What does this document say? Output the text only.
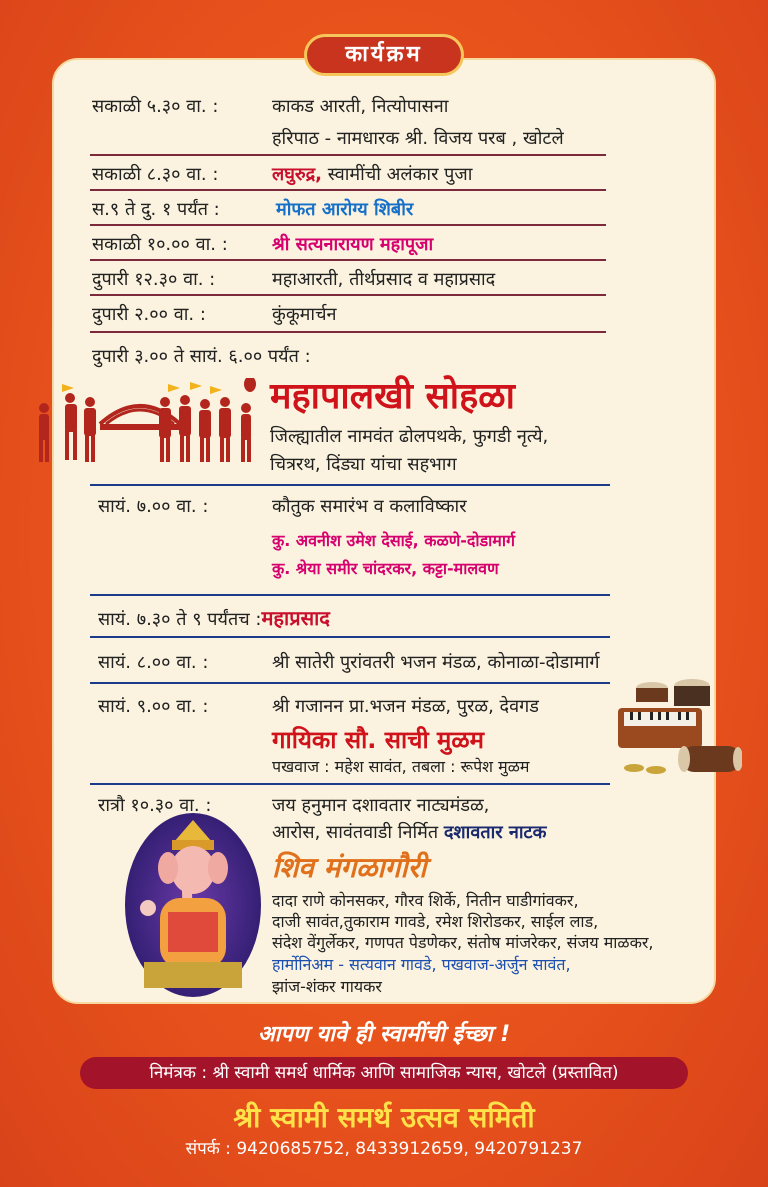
कार्यक्रम
सकाळी ५.३० वा. :	काकड आरती, नित्योपासना
हरिपाठ - नामधारक श्री. विजय परब , खोटले
सकाळी ८.३० वा. :	लघुरुद्र, स्वामींची अलंकार पुजा
स.९ ते दु. १ पर्यंत :	मोफत आरोग्य शिबीर
सकाळी १०.०० वा. : श्री सत्यनारायण महापूजा
दुपारी १२.३० वा. :	महाआरती, तीर्थप्रसाद व महाप्रसाद
दुपारी २.०० वा. :	कुंकूमार्चन
दुपारी ३.०० ते सायं. ६.०० पर्यंत :
महापालखी सोहळा
जिल्ह्यातील नामवंत ढोलपथके, फुगडी नृत्ये,
चित्ररथ, दिंड्या यांचा सहभाग
सायं. ७.०० वा. :	कौतुक समारंभ व कलाविष्कार
कु. अवनीश उमेश देसाई, कळणे-दोडामार्ग
कु. श्रेया समीर चांदरकर, कट्टा-मालवण
सायं. ७.३० ते ९ पर्यंतच :महाप्रसाद
सायं. ८.०० वा. :	श्री सातेरी पुरांवतरी भजन मंडळ, कोनाळा-दोडामार्ग
सायं. ९.०० वा. :	श्री गजानन प्रा.भजन मंडळ, पुरळ, देवगड
गायिका सौ. साची मुळम
पखवाज : महेश सावंत, तबला : रूपेश मुळम
रात्रौ १०.३० वा. :	जय हनुमान दशावतार नाट्यमंडळ,
आरोस, सावंतवाडी निर्मित दशावतार नाटक
शिव मंगळागौरी
दादा राणे कोनसकर, गौरव शिर्के, नितीन घाडीगांवकर,
दाजी सावंत,तुकाराम गावडे, रमेश शिरोडकर, साईल लाड,
संदेश वेंगुर्लेकर, गणपत पेडणेकर, संतोष मांजरेकर, संजय माळकर,
हार्मोनिअम - सत्यवान गावडे, पखवाज-अर्जुन सावंत,
झांज-शंकर गायकर
आपण यावे ही स्वामींची ईच्छा !
निमंत्रक : श्री स्वामी समर्थ धार्मिक आणि सामाजिक न्यास, खोटले (प्रस्तावित)
श्री स्वामी समर्थ उत्सव समिती
संपर्क : 9420685752, 8433912659, 9420791237
